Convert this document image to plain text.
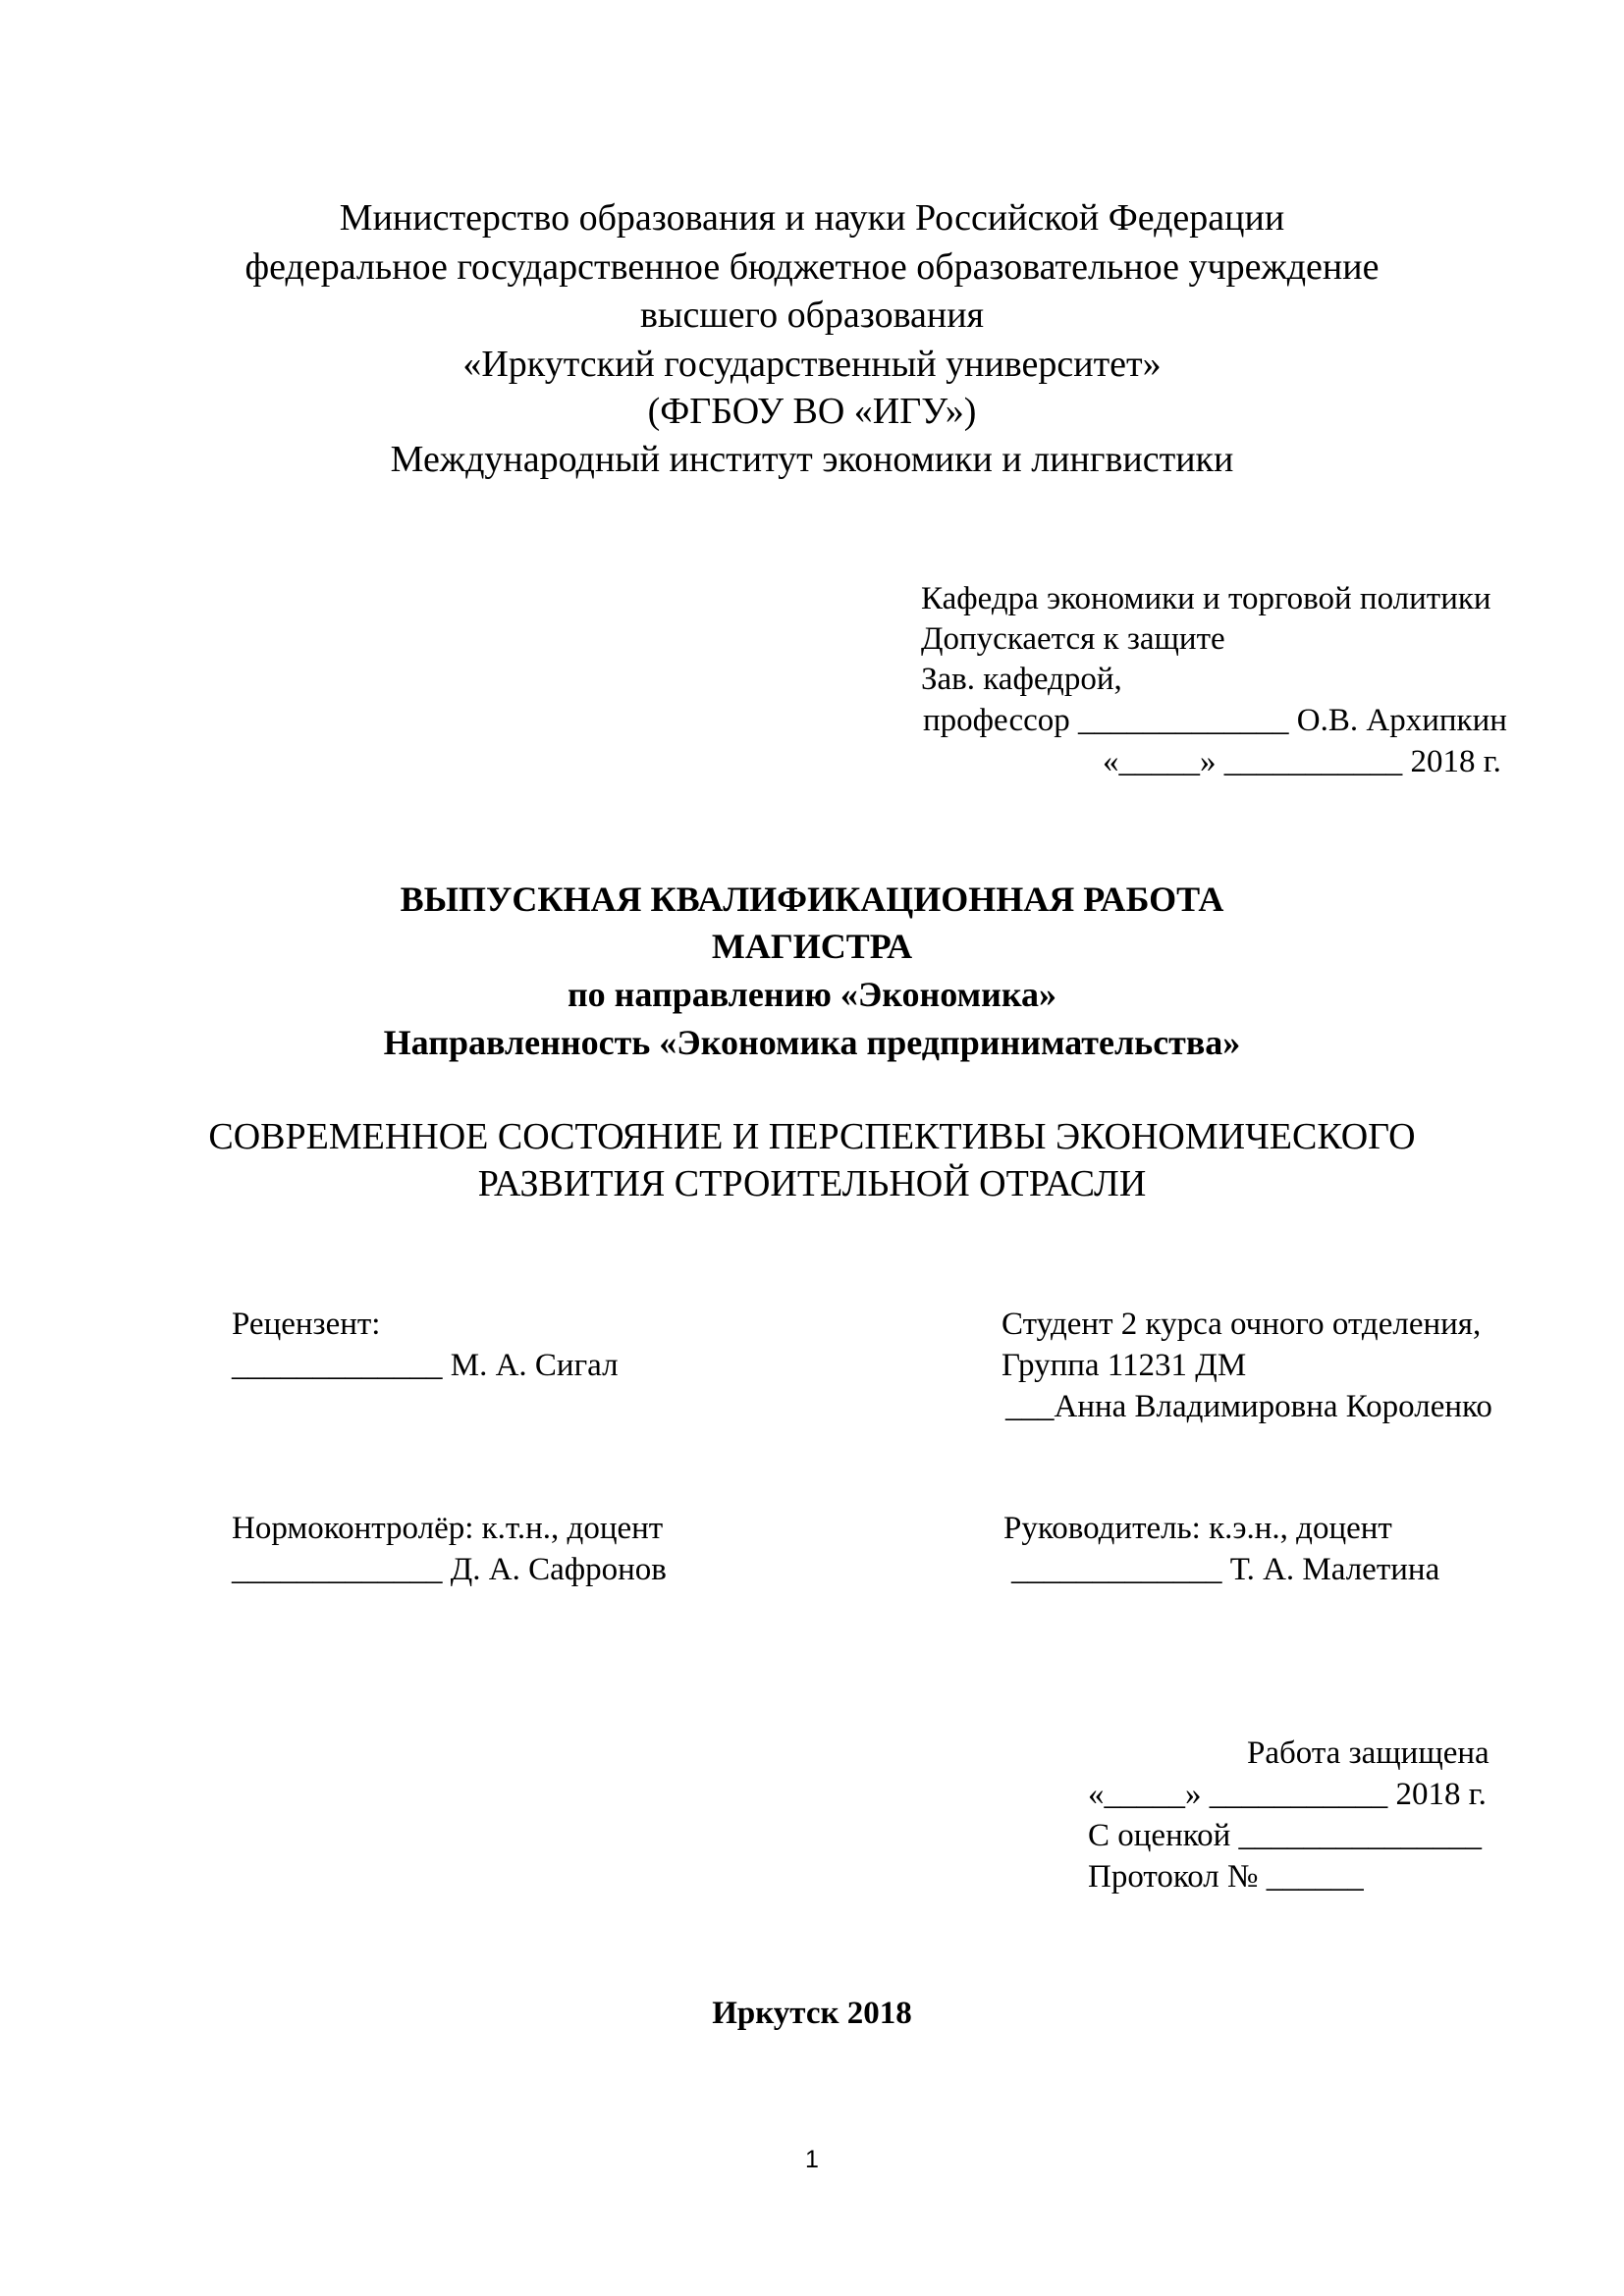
Министерство образования и науки Российской Федерации
федеральное государственное бюджетное образовательное учреждение
высшего образования
«Иркутский государственный университет»
(ФГБОУ ВО «ИГУ»)
Международный институт экономики и лингвистики
Кафедра экономики и торговой политики
Допускается к защите
Зав. кафедрой,
профессор _____________ О.В. Архипкин
«_____» ___________ 2018 г.
ВЫПУСКНАЯ КВАЛИФИКАЦИОННАЯ РАБОТА
МАГИСТРА
по направлению «Экономика»
Направленность «Экономика предпринимательства»
СОВРЕМЕННОЕ СОСТОЯНИЕ И ПЕРСПЕКТИВЫ ЭКОНОМИЧЕСКОГО
РАЗВИТИЯ СТРОИТЕЛЬНОЙ ОТРАСЛИ
Рецензент:
_____________ М. А. Сигал
Студент 2 курса очного отделения,
Группа 11231 ДМ
___Анна Владимировна Короленко
Нормоконтролёр: к.т.н., доцент
_____________ Д. А. Сафронов
Руководитель: к.э.н., доцент
_____________ Т. А. Малетина
Работа защищена
«_____» ___________ 2018 г.
С оценкой _______________
Протокол № ______
Иркутск 2018
1
